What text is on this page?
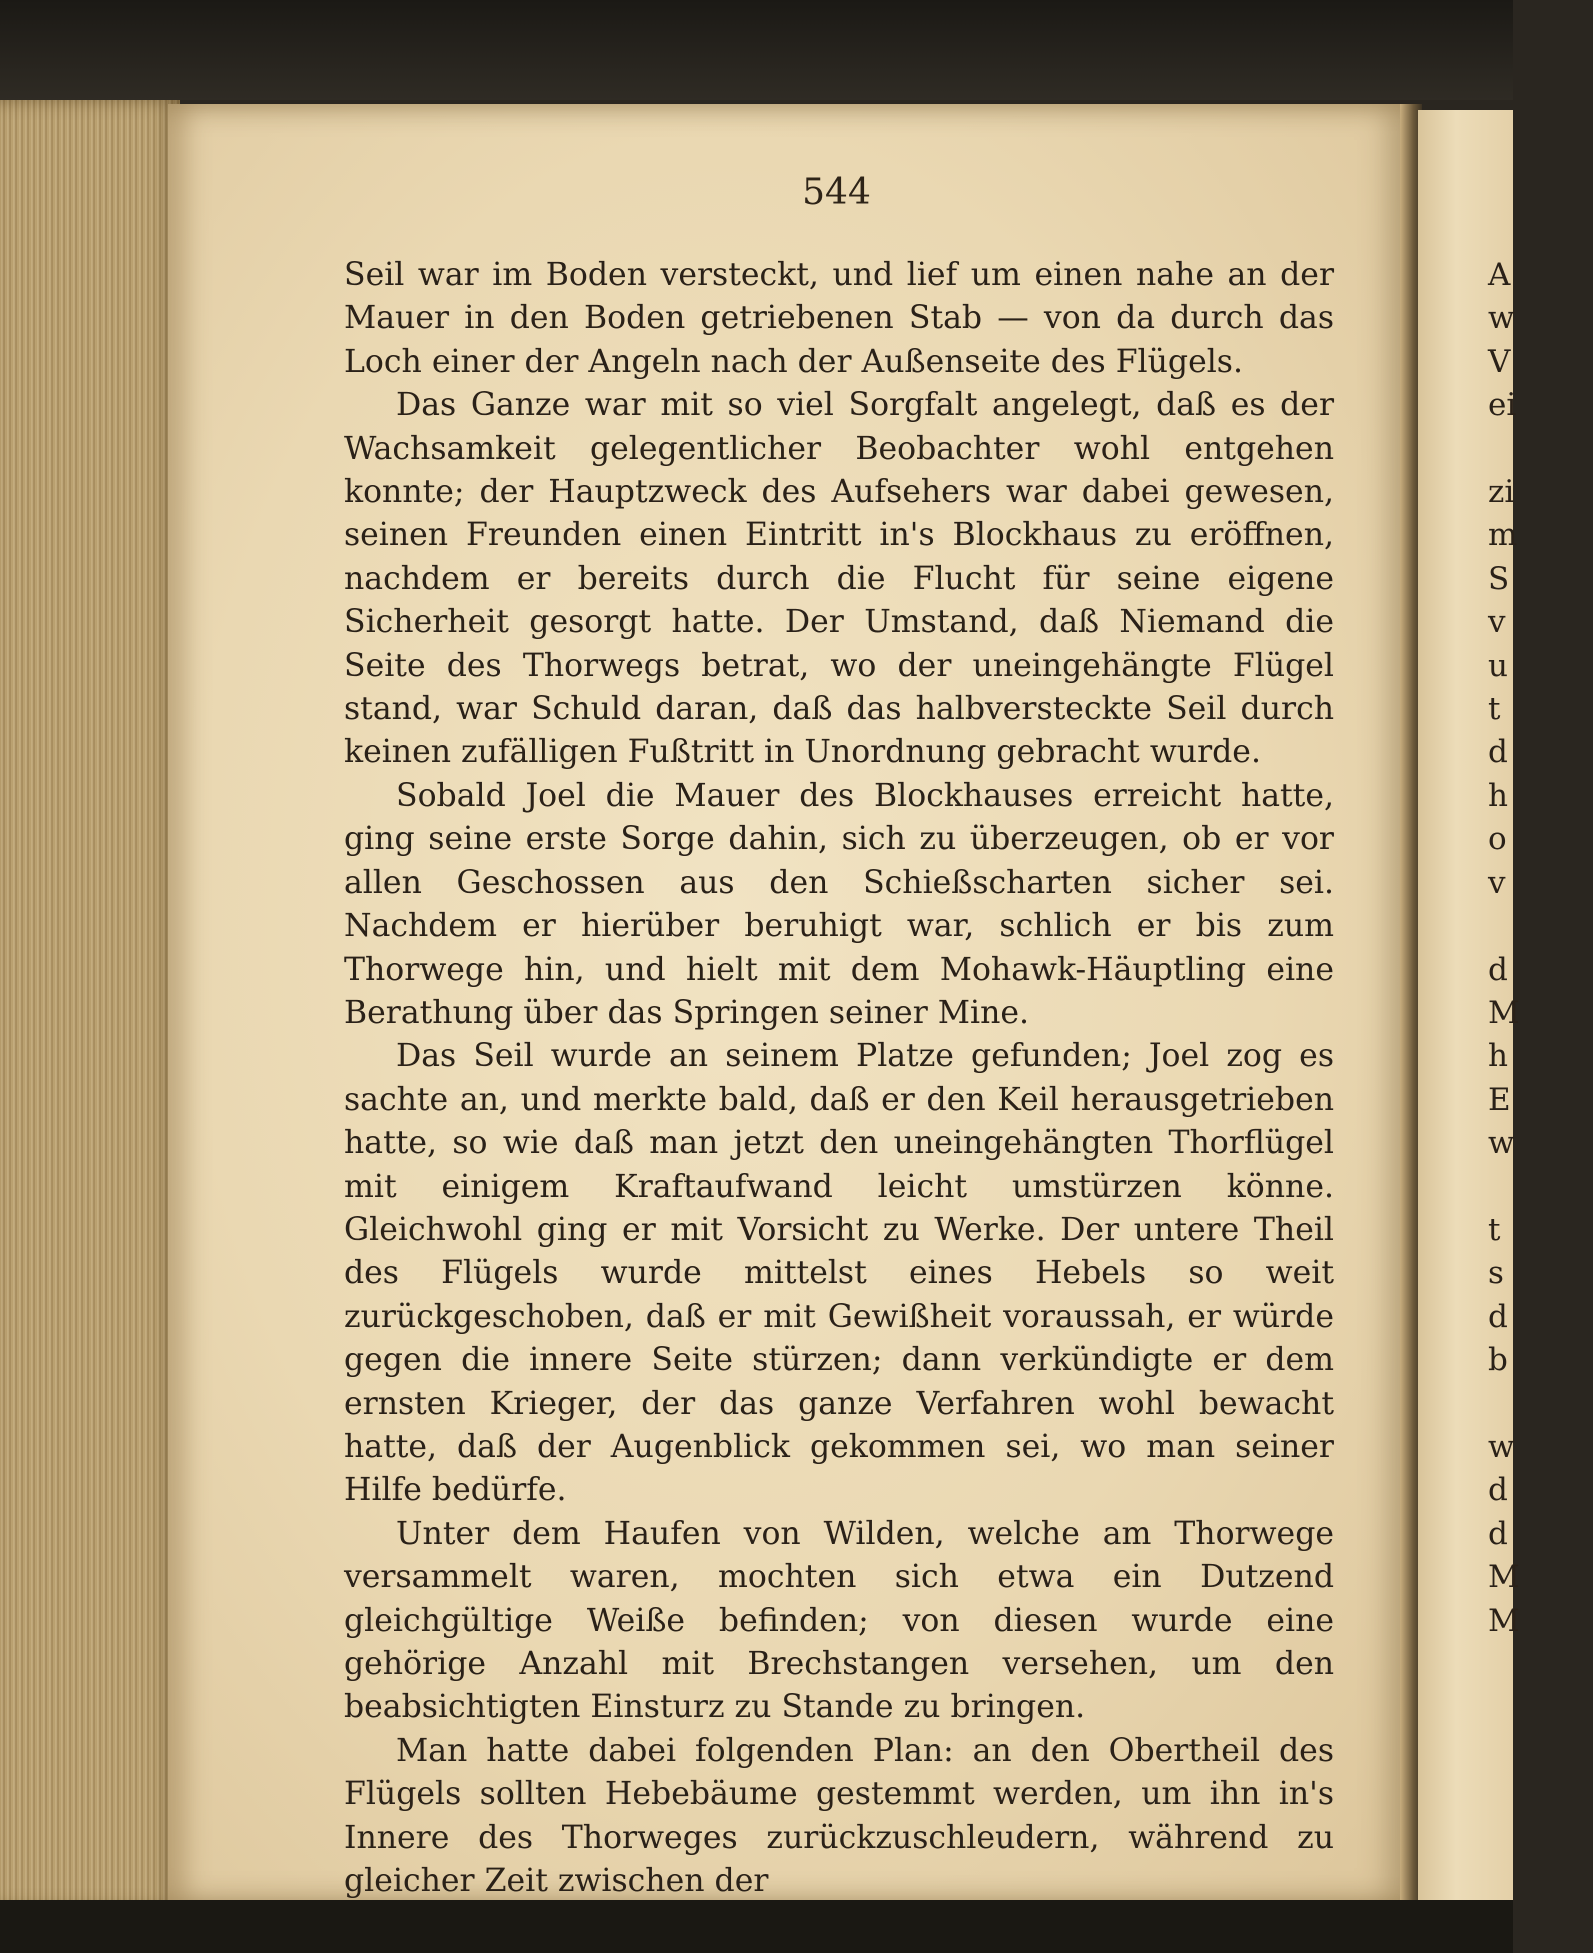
544

Seil war im Boden versteckt, und lief um einen nahe an der Mauer in den Boden getriebenen Stab — von da durch das Loch einer der Angeln nach der Außenseite des Flügels.

Das Ganze war mit so viel Sorgfalt angelegt, daß es der Wachsamkeit gelegentlicher Beobachter wohl entgehen konnte; der Hauptzweck des Aufsehers war dabei gewesen, seinen Freunden einen Eintritt in's Blockhaus zu eröffnen, nachdem er bereits durch die Flucht für seine eigene Sicherheit gesorgt hatte. Der Umstand, daß Niemand die Seite des Thorwegs betrat, wo der uneingehängte Flügel stand, war Schuld daran, daß das halbversteckte Seil durch keinen zufälligen Fußtritt in Unordnung gebracht wurde.

Sobald Joel die Mauer des Blockhauses erreicht hatte, ging seine erste Sorge dahin, sich zu überzeugen, ob er vor allen Geschossen aus den Schießscharten sicher sei. Nachdem er hierüber beruhigt war, schlich er bis zum Thorwege hin, und hielt mit dem Mohawk-Häuptling eine Berathung über das Springen seiner Mine.

Das Seil wurde an seinem Platze gefunden; Joel zog es sachte an, und merkte bald, daß er den Keil herausgetrieben hatte, so wie daß man jetzt den uneingehängten Thorflügel mit einigem Kraftaufwand leicht umstürzen könne. Gleichwohl ging er mit Vorsicht zu Werke. Der untere Theil des Flügels wurde mittelst eines Hebels so weit zurückgeschoben, daß er mit Gewißheit voraussah, er würde gegen die innere Seite stürzen; dann verkündigte er dem ernsten Krieger, der das ganze Verfahren wohl bewacht hatte, daß der Augenblick gekommen sei, wo man seiner Hilfe bedürfe.

Unter dem Haufen von Wilden, welche am Thorwege versammelt waren, mochten sich etwa ein Dutzend gleichgültige Weiße befinden; von diesen wurde eine gehörige Anzahl mit Brechstangen versehen, um den beabsichtigten Einsturz zu Stande zu bringen.

Man hatte dabei folgenden Plan: an den Obertheil des Flügels sollten Hebebäume gestemmt werden, um ihn in's Innere des Thorweges zurückzuschleudern, während zu gleicher Zeit zwischen der

A
w
V
ei

zi
m
S
v
u
t
d
h
o
v

d
M
h
E
w

t
s
d
b

w
d
d
M
M
